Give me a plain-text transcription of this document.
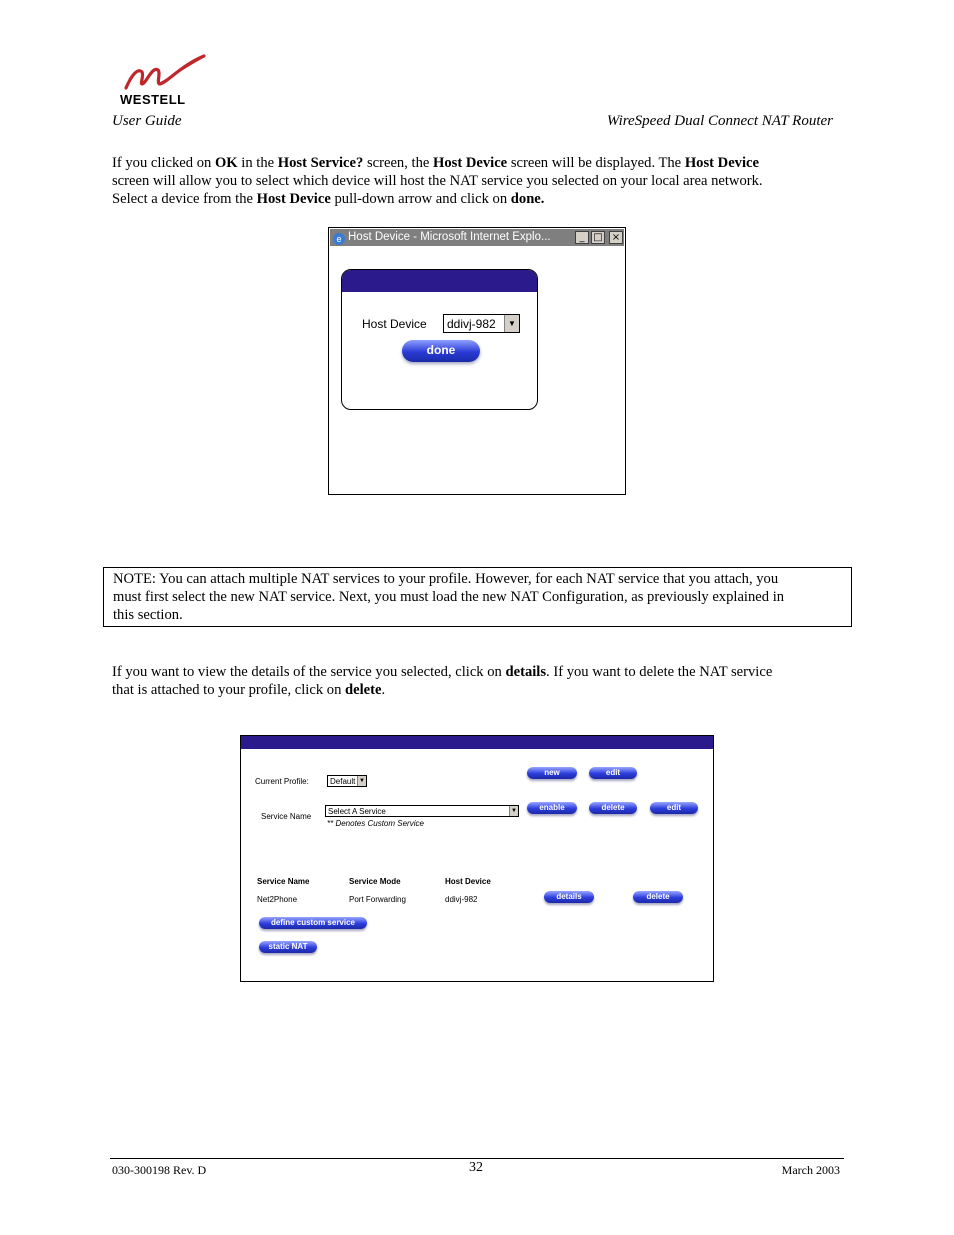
WESTELL
User Guide	WireSpeed Dual Connect NAT Router
If you clicked on OK in the Host Service? screen, the Host Device screen will be displayed. The Host Device
screen will allow you to select which device will host the NAT service you selected on your local area network.
Select a device from the Host Device pull-down arrow and click on done.
e Host Device - Microsoft Internet Explo...	_ □ ×
Host Device ddivj-982	▼
done
NOTE: You can attach multiple NAT services to your profile. However, for each NAT service that you attach, you
must first select the new NAT service. Next, you must load the new NAT Configuration, as previously explained in
this section.
If you want to view the details of the service you selected, click on details. If you want to delete the NAT service
that is attached to your profile, click on delete.
Current Profile:	Default ▼
Service Name
Select A Service	▼
** Denotes Custom Service
new	edit
enable	delete	edit
Service Name	Service Mode	Host Device
Net2Phone	Port Forwarding	ddivj-982	details	delete
define custom service
static NAT
030-300198 Rev. D	32	March 2003
